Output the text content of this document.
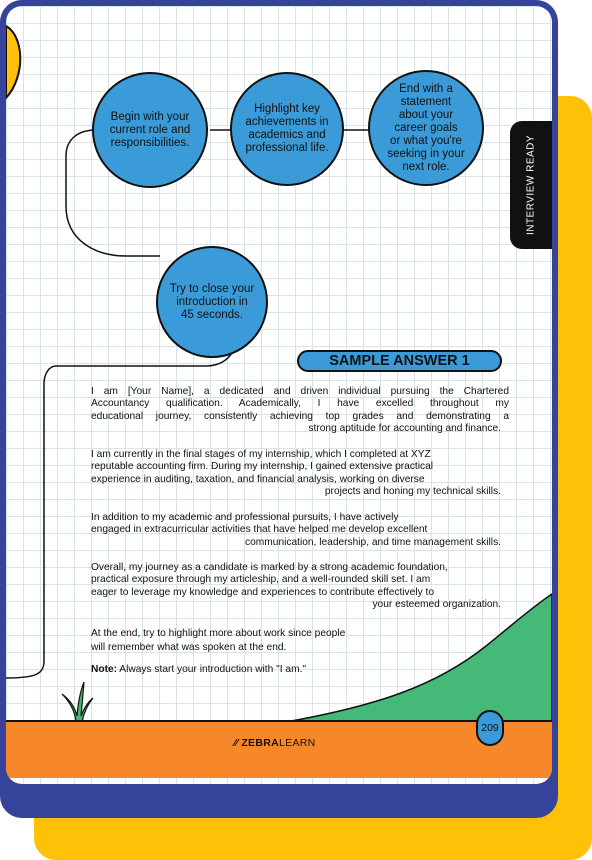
Begin with your
current role and
responsibilities.
Highlight key
achievements in
academics and
professional life.
End with a
statement
about your
career goals
or what you're
seeking in your
next role.
Try to close your
introduction in
45 seconds.
INTERVIEW READY
SAMPLE ANSWER 1
I am [Your Name], a dedicated and driven individual pursuing the Chartered
Accountancy qualification. Academically, I have excelled throughout my
educational journey, consistently achieving top grades and demonstrating a
strong aptitude for accounting and finance.
I am currently in the final stages of my internship, which I completed at XYZ
reputable accounting firm. During my internship, I gained extensive practical
experience in auditing, taxation, and financial analysis, working on diverse
projects and honing my technical skills.
In addition to my academic and professional pursuits, I have actively
engaged in extracurricular activities that have helped me develop excellent
communication, leadership, and time management skills.
Overall, my journey as a candidate is marked by a strong academic foundation,
practical exposure through my articleship, and a well-rounded skill set. I am
eager to leverage my knowledge and experiences to contribute effectively to
your esteemed organization.
At the end, try to highlight more about work since people
will remember what was spoken at the end.
Note: Always start your introduction with "I am."
⁄⁄ ZEBRALEARN
209
